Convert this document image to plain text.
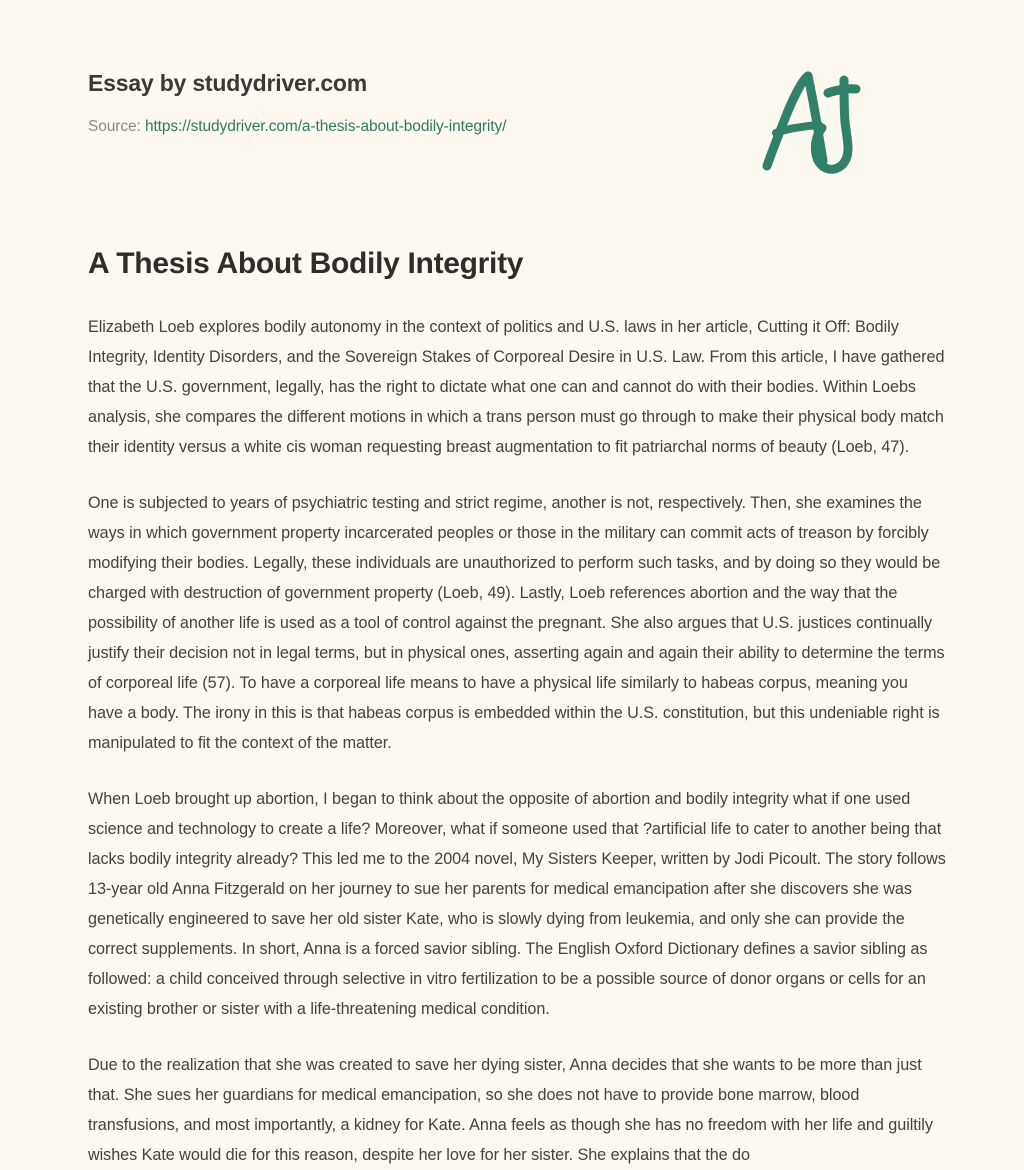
Essay by studydriver.com
Source: https://studydriver.com/a-thesis-about-bodily-integrity/
A Thesis About Bodily Integrity

Elizabeth Loeb explores bodily autonomy in the context of politics and U.S. laws in her article, Cutting it Off: Bodily Integrity, Identity Disorders, and the Sovereign Stakes of Corporeal Desire in U.S. Law. From this article, I have gathered that the U.S. government, legally, has the right to dictate what one can and cannot do with their bodies. Within Loebs analysis, she compares the different motions in which a trans person must go through to make their physical body match their identity versus a white cis woman requesting breast augmentation to fit patriarchal norms of beauty (Loeb, 47).

One is subjected to years of psychiatric testing and strict regime, another is not, respectively. Then, she examines the ways in which government property incarcerated peoples or those in the military can commit acts of treason by forcibly modifying their bodies. Legally, these individuals are unauthorized to perform such tasks, and by doing so they would be charged with destruction of government property (Loeb, 49). Lastly, Loeb references abortion and the way that the possibility of another life is used as a tool of control against the pregnant. She also argues that U.S. justices continually justify their decision not in legal terms, but in physical ones, asserting again and again their ability to determine the terms of corporeal life (57). To have a corporeal life means to have a physical life similarly to habeas corpus, meaning you have a body. The irony in this is that habeas corpus is embedded within the U.S. constitution, but this undeniable right is manipulated to fit the context of the matter.

When Loeb brought up abortion, I began to think about the opposite of abortion and bodily integrity what if one used science and technology to create a life? Moreover, what if someone used that ?artificial life to cater to another being that lacks bodily integrity already? This led me to the 2004 novel, My Sisters Keeper, written by Jodi Picoult. The story follows 13-year old Anna Fitzgerald on her journey to sue her parents for medical emancipation after she discovers she was genetically engineered to save her old sister Kate, who is slowly dying from leukemia, and only she can provide the correct supplements. In short, Anna is a forced savior sibling. The English Oxford Dictionary defines a savior sibling as followed: a child conceived through selective in vitro fertilization to be a possible source of donor organs or cells for an existing brother or sister with a life-threatening medical condition.

Due to the realization that she was created to save her dying sister, Anna decides that she wants to be more than just that. She sues her guardians for medical emancipation, so she does not have to provide bone marrow, blood transfusions, and most importantly, a kidney for Kate. Anna feels as though she has no freedom with her life and guiltily wishes Kate would die for this reason, despite her love for her sister. She explains that the do
